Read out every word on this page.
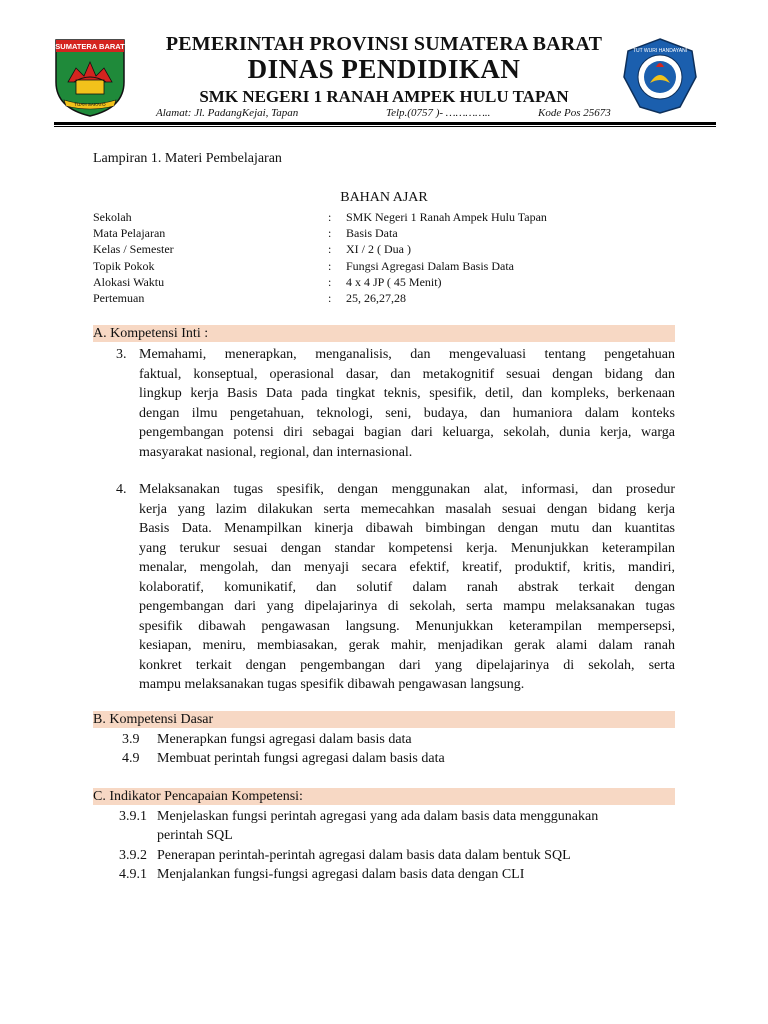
SUMATERA BARAT
TUAH SAKATO
PEMERINTAH PROVINSI SUMATERA BARAT
DINAS PENDIDIKAN
SMK NEGERI 1 RANAH AMPEK HULU TAPAN
Alamat: Jl. PadangKejai, Tapan	Telp.(0757 )- …………..	Kode Pos 25673
TUT WURI HANDAYANI
Lampiran 1. Materi Pembelajaran
BAHAN AJAR
Sekolah	:	SMK Negeri 1 Ranah Ampek Hulu Tapan
Mata Pelajaran	:	Basis Data
Kelas / Semester	:	XI / 2 ( Dua )
Topik Pokok	:	Fungsi Agregasi Dalam Basis Data
Alokasi Waktu	:	4 x 4 JP ( 45 Menit)
Pertemuan	:	25, 26,27,28
A. Kompetensi Inti :
3. Memahami, menerapkan, menganalisis, dan mengevaluasi tentang pengetahuan
faktual, konseptual, operasional dasar, dan metakognitif sesuai dengan bidang dan
lingkup kerja Basis Data pada tingkat teknis, spesifik, detil, dan kompleks, berkenaan
dengan ilmu pengetahuan, teknologi, seni, budaya, dan humaniora dalam konteks
pengembangan potensi diri sebagai bagian dari keluarga, sekolah, dunia kerja, warga
masyarakat nasional, regional, dan internasional.
4. Melaksanakan tugas spesifik, dengan menggunakan alat, informasi, dan prosedur
kerja yang lazim dilakukan serta memecahkan masalah sesuai dengan bidang kerja
Basis Data. Menampilkan kinerja dibawah bimbingan dengan mutu dan kuantitas
yang terukur sesuai dengan standar kompetensi kerja. Menunjukkan keterampilan
menalar, mengolah, dan menyaji secara efektif, kreatif, produktif, kritis, mandiri,
kolaboratif, komunikatif, dan solutif dalam ranah abstrak terkait dengan
pengembangan dari yang dipelajarinya di sekolah, serta mampu melaksanakan tugas
spesifik dibawah pengawasan langsung. Menunjukkan keterampilan mempersepsi,
kesiapan, meniru, membiasakan, gerak mahir, menjadikan gerak alami dalam ranah
konkret terkait dengan pengembangan dari yang dipelajarinya di sekolah, serta
mampu melaksanakan tugas spesifik dibawah pengawasan langsung.
B. Kompetensi Dasar
3.9 Menerapkan fungsi agregasi dalam basis data
4.9 Membuat perintah fungsi agregasi dalam basis data
C. Indikator Pencapaian Kompetensi:
3.9.1 Menjelaskan fungsi perintah agregasi yang ada dalam basis data menggunakan
perintah SQL
3.9.2 Penerapan perintah-perintah agregasi dalam basis data dalam bentuk SQL
4.9.1 Menjalankan fungsi-fungsi agregasi dalam basis data dengan CLI
